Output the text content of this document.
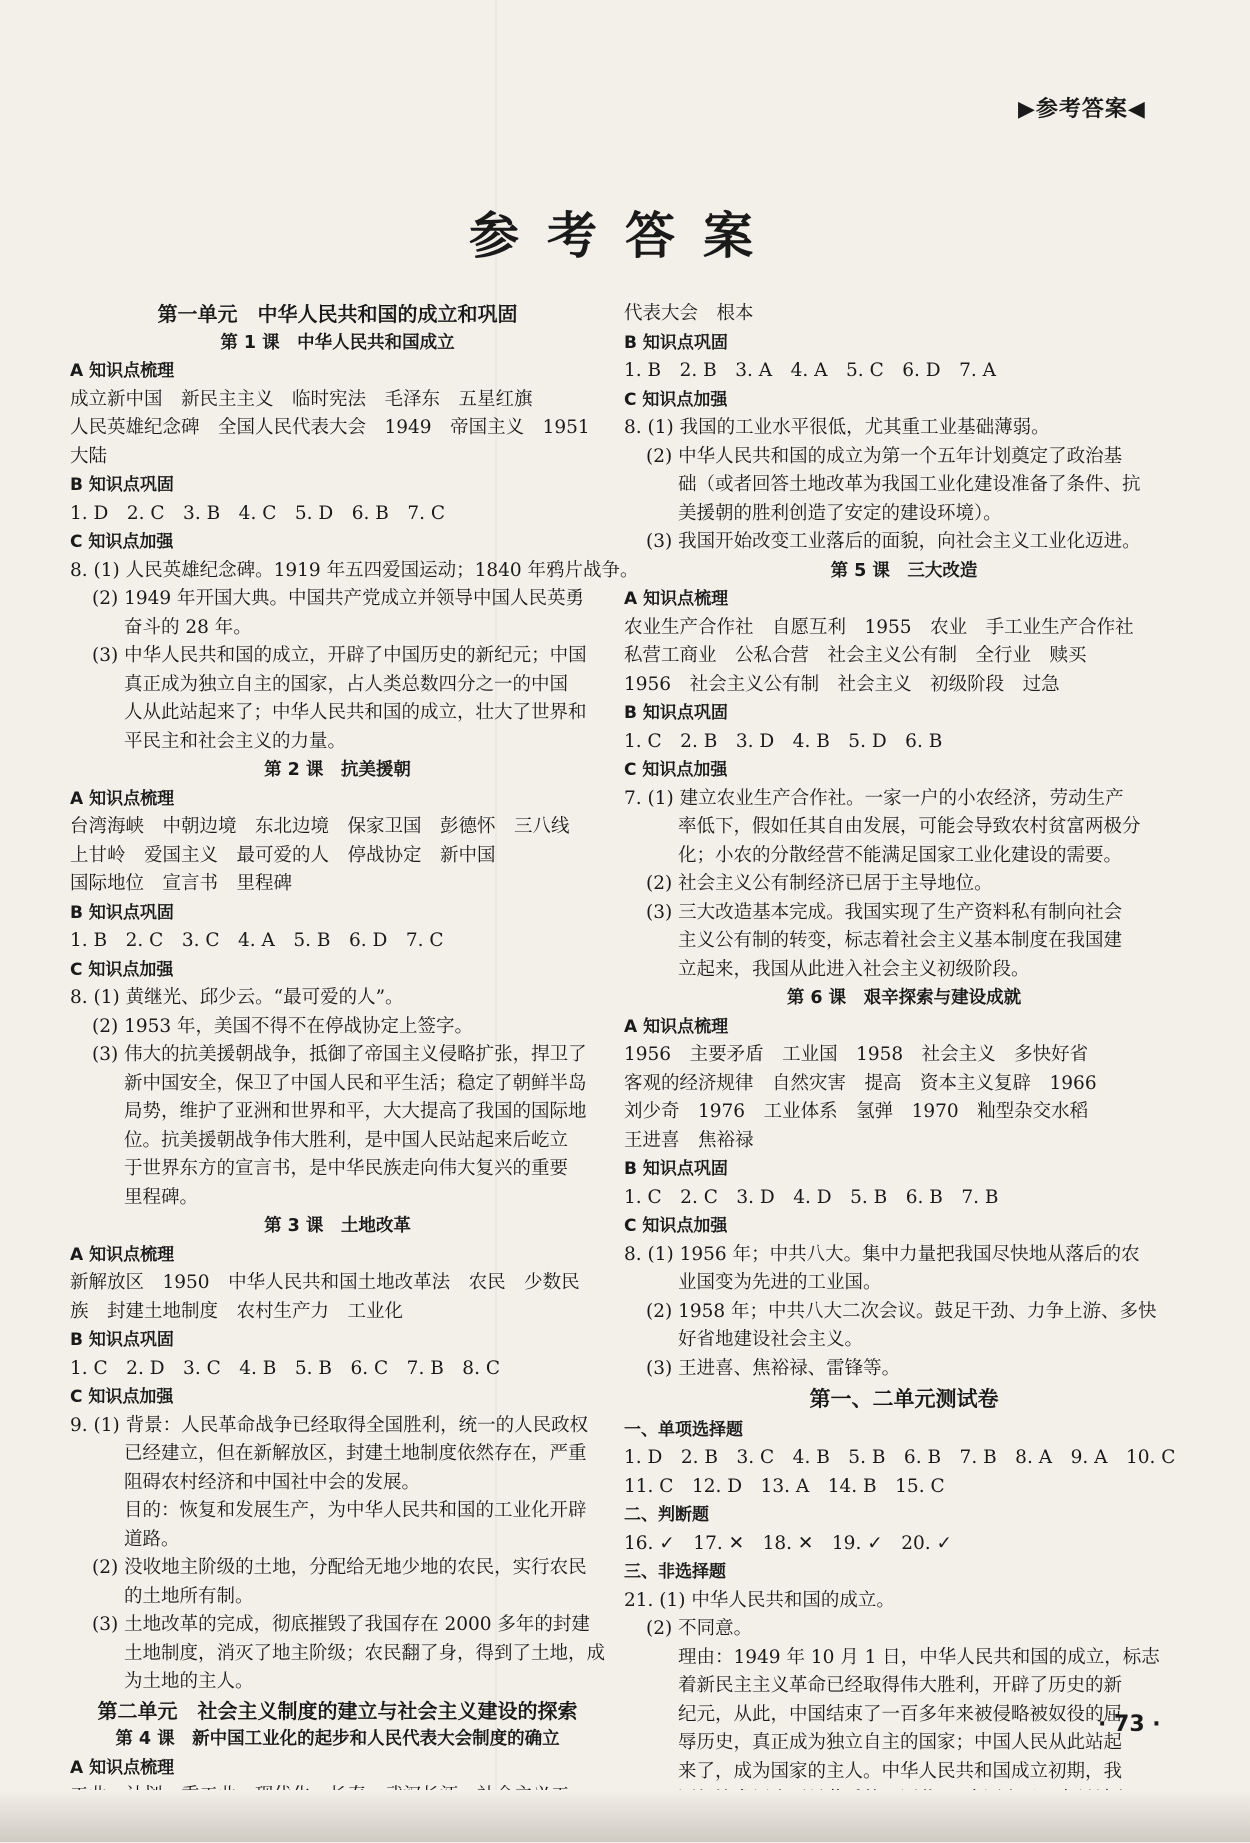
▶参考答案◀
参考答案
第一单元　中华人民共和国的成立和巩固
第 1 课　中华人民共和国成立
A 知识点梳理
成立新中国　新民主主义　临时宪法　毛泽东　五星红旗
人民英雄纪念碑　全国人民代表大会　1949　帝国主义　1951
大陆
B 知识点巩固
1. D　2. C　3. B　4. C　5. D　6. B　7. C
C 知识点加强
8. (1) 人民英雄纪念碑。1919 年五四爱国运动；1840 年鸦片战争。
(2) 1949 年开国大典。中国共产党成立并领导中国人民英勇
奋斗的 28 年。
(3) 中华人民共和国的成立，开辟了中国历史的新纪元；中国
真正成为独立自主的国家，占人类总数四分之一的中国
人从此站起来了；中华人民共和国的成立，壮大了世界和
平民主和社会主义的力量。
第 2 课　抗美援朝
A 知识点梳理
台湾海峡　中朝边境　东北边境　保家卫国　彭德怀　三八线
上甘岭　爱国主义　最可爱的人　停战协定　新中国
国际地位　宣言书　里程碑
B 知识点巩固
1. B　2. C　3. C　4. A　5. B　6. D　7. C
C 知识点加强
8. (1) 黄继光、邱少云。“最可爱的人”。
(2) 1953 年，美国不得不在停战协定上签字。
(3) 伟大的抗美援朝战争，抵御了帝国主义侵略扩张，捍卫了
新中国安全，保卫了中国人民和平生活；稳定了朝鲜半岛
局势，维护了亚洲和世界和平，大大提高了我国的国际地
位。抗美援朝战争伟大胜利，是中国人民站起来后屹立
于世界东方的宣言书，是中华民族走向伟大复兴的重要
里程碑。
第 3 课　土地改革
A 知识点梳理
新解放区　1950　中华人民共和国土地改革法　农民　少数民
族　封建土地制度　农村生产力　工业化
B 知识点巩固
1. C　2. D　3. C　4. B　5. B　6. C　7. B　8. C
C 知识点加强
9. (1) 背景：人民革命战争已经取得全国胜利，统一的人民政权
已经建立，但在新解放区，封建土地制度依然存在，严重
阻碍农村经济和中国社中会的发展。
目的：恢复和发展生产，为中华人民共和国的工业化开辟
道路。
(2) 没收地主阶级的土地，分配给无地少地的农民，实行农民
的土地所有制。
(3) 土地改革的完成，彻底摧毁了我国存在 2000 多年的封建
土地制度，消灭了地主阶级；农民翻了身，得到了土地，成
为土地的主人。
第二单元　社会主义制度的建立与社会主义建设的探索
第 4 课　新中国工业化的起步和人民代表大会制度的确立
A 知识点梳理
代表大会　根本
B 知识点巩固
1. B　2. B　3. A　4. A　5. C　6. D　7. A
C 知识点加强
8. (1) 我国的工业水平很低，尤其重工业基础薄弱。
(2) 中华人民共和国的成立为第一个五年计划奠定了政治基
础（或者回答土地改革为我国工业化建设准备了条件、抗
美援朝的胜利创造了安定的建设环境）。
(3) 我国开始改变工业落后的面貌，向社会主义工业化迈进。
第 5 课　三大改造
A 知识点梳理
农业生产合作社　自愿互利　1955　农业　手工业生产合作社
私营工商业　公私合营　社会主义公有制　全行业　赎买
1956　社会主义公有制　社会主义　初级阶段　过急
B 知识点巩固
1. C　2. B　3. D　4. B　5. D　6. B
C 知识点加强
7. (1) 建立农业生产合作社。一家一户的小农经济，劳动生产
率低下，假如任其自由发展，可能会导致农村贫富两极分
化；小农的分散经营不能满足国家工业化建设的需要。
(2) 社会主义公有制经济已居于主导地位。
(3) 三大改造基本完成。我国实现了生产资料私有制向社会
主义公有制的转变，标志着社会主义基本制度在我国建
立起来，我国从此进入社会主义初级阶段。
第 6 课　艰辛探索与建设成就
A 知识点梳理
1956　主要矛盾　工业国　1958　社会主义　多快好省
客观的经济规律　自然灾害　提高　资本主义复辟　1966
刘少奇　1976　工业体系　氢弹　1970　籼型杂交水稻
王进喜　焦裕禄
B 知识点巩固
1. C　2. C　3. D　4. D　5. B　6. B　7. B
C 知识点加强
8. (1) 1956 年；中共八大。集中力量把我国尽快地从落后的农
业国变为先进的工业国。
(2) 1958 年；中共八大二次会议。鼓足干劲、力争上游、多快
好省地建设社会主义。
(3) 王进喜、焦裕禄、雷锋等。
第一、二单元测试卷
一、单项选择题
1. D　2. B　3. C　4. B　5. B　6. B　7. B　8. A　9. A　10. C
11. C　12. D　13. A　14. B　15. C
二、判断题
16. ✓　17. ✕　18. ✕　19. ✓　20. ✓
三、非选择题
21. (1) 中华人民共和国的成立。
(2) 不同意。
理由：1949 年 10 月 1 日，中华人民共和国的成立，标志
着新民主主义革命已经取得伟大胜利，开辟了历史的新
纪元，从此，中国结束了一百多年来被侵略被奴役的屈
辱历史，真正成为独立自主的国家；中国人民从此站起
来了，成为国家的主人。中华人民共和国成立初期，我
· 73 ·
